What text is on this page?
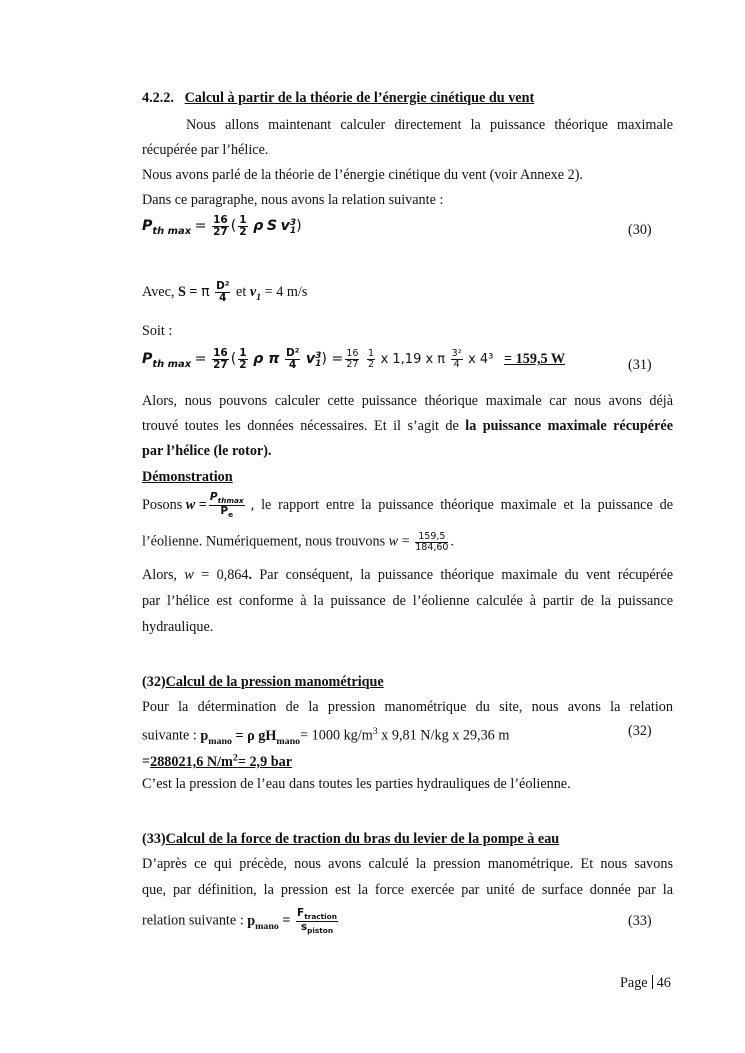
4.2.2. Calcul à partir de la théorie de l’énergie cinétique du vent
Nous allons maintenant calculer directement la puissance théorique maximale
récupérée par l’hélice.
Nous avons parlé de la théorie de l’énergie cinétique du vent (voir Annexe 2).
Dans ce paragraphe, nous avons la relation suivante :
$P_{th max} = \frac{16}{27}$ ( $\frac{1}{2}$ ρ S v 3
1 )	(30)
Avec, S = π $\frac{\text{D²}}{4}$ et $v_1 = 4$ m/s
Soit :
$P_{th max} = \frac{16}{27}$ ( $\frac{1}{2}$ ρ π $\frac{\text{D²}}{4}$ v 3
1 ) = $\frac{16}{27}$
$\frac{1}{2}$ x 1,19 x π $\frac{\text{3²}}{4}$ x 4³ = 159,5 W	(31)
Alors, nous pouvons calculer cette puissance théorique maximale car nous avons déjà
trouvé toutes les données nécessaires. Et il s’agit de la puissance maximale récupérée
par l’hélice (le rotor).
Démonstration
Posons
w
= $\frac{P_{thmax}}{P_e}$ , le rapport entre la puissance théorique maximale et la puissance de
l’éolienne. Numériquement, nous trouvons $w = \frac{159,5}{184,60}$ .
Alors, w = 0,864. Par conséquent, la puissance théorique maximale du vent récupérée
par l’hélice est conforme à la puissance de l’éolienne calculée à partir de la puissance
hydraulique.
(32)Calcul de la pression manométrique
Pour la détermination de la pression manométrique du site, nous avons la relation
suivante : $p_{mano} = \rho$ $gH_{mano}= 1000$ $kg/m^3$ x 9,81 N/kg x 29,36 m	(32)
=288021,6 $N/m^2= 2,9$ bar
C’est la pression de l’eau dans toutes les parties hydrauliques de l’éolienne.
(33)Calcul de la force de traction du bras du levier de la pompe à eau
D’après ce qui précède, nous avons calculé la pression manométrique. Et nous savons
que, par définition, la pression est la force exercée par unité de surface donnée par la
relation suivante : $p_{mano} = \frac{F_{traction}}{s_{piston}}$	(33)
Page 46
